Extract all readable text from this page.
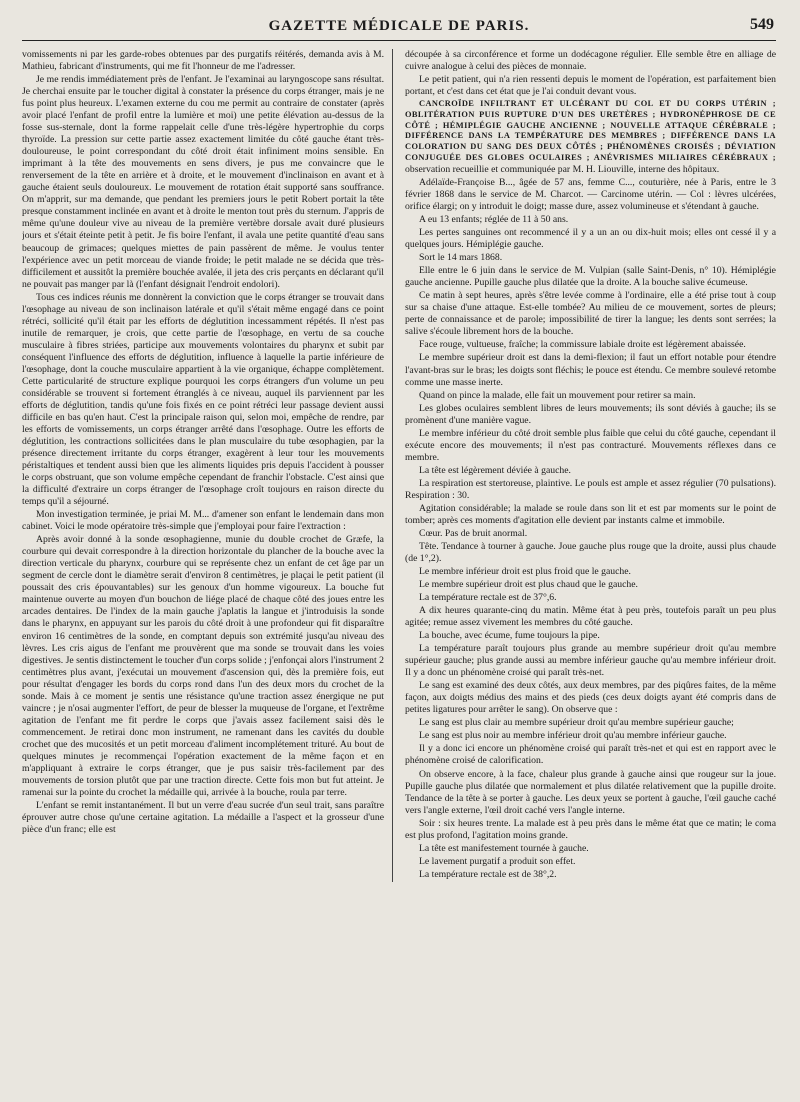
GAZETTE MÉDICALE DE PARIS.	549

vomissements ni par les garde-robes obtenues par des purgatifs réitérés, demanda avis à M. Mathieu, fabricant d'instruments, qui me fit l'honneur de me l'adresser.

Je me rendis immédiatement près de l'enfant. Je l'examinai au laryngoscope sans résultat. Je cherchai ensuite par le toucher digital à constater la présence du corps étranger, mais je ne fus point plus heureux. L'examen externe du cou me permit au contraire de constater (après avoir placé l'enfant de profil entre la lumière et moi) une petite élévation au-dessus de la fosse sus-sternale, dont la forme rappelait celle d'une très-légère hypertrophie du corps thyroïde. La pression sur cette partie assez exactement limitée du côté gauche étant très-douloureuse, le point correspondant du côté droit était infiniment moins sensible. En imprimant à la tête des mouvements en sens divers, je pus me convaincre que le renversement de la tête en arrière et à droite, et le mouvement d'inclinaison en avant et à gauche étaient seuls douloureux. Le mouvement de rotation était supporté sans souffrance. On m'apprit, sur ma demande, que pendant les premiers jours le petit Robert portait la tête presque constamment inclinée en avant et à droite le menton tout près du sternum. J'appris de même qu'une douleur vive au niveau de la première vertèbre dorsale avait duré plusieurs jours et s'était éteinte petit à petit. Je fis boire l'enfant, il avala une petite quantité d'eau sans beaucoup de grimaces; quelques miettes de pain passèrent de même. Je voulus tenter l'expérience avec un petit morceau de viande froide; le petit malade ne se décida que très-difficilement et aussitôt la première bouchée avalée, il jeta des cris perçants en déclarant qu'il ne pouvait pas manger par là (l'enfant désignait l'endroit endolori).

Tous ces indices réunis me donnèrent la conviction que le corps étranger se trouvait dans l'œsophage au niveau de son inclinaison latérale et qu'il s'était même engagé dans ce point rétréci, sollicité qu'il était par les efforts de déglutition incessamment répétés. Il n'est pas inutile de remarquer, je crois, que cette partie de l'œsophage, en vertu de sa couche musculaire à fibres striées, participe aux mouvements volontaires du pharynx et subit par conséquent l'influence des efforts de déglutition, influence à laquelle la partie inférieure de l'œsophage, dont la couche musculaire appartient à la vie organique, échappe complètement. Cette particularité de structure explique pourquoi les corps étrangers d'un volume un peu considérable se trouvent si fortement étranglés à ce niveau, auquel ils parviennent par les efforts de déglutition, tandis qu'une fois fixés en ce point rétréci leur passage devient aussi difficile en bas qu'en haut. C'est la principale raison qui, selon moi, empêche de rendre, par les efforts de vomissements, un corps étranger arrêté dans l'œsophage. Outre les efforts de déglutition, les contractions sollicitées dans le plan musculaire du tube œsophagien, par la présence directement irritante du corps étranger, exagèrent à leur tour les mouvements péristaltiques et tendent aussi bien que les aliments liquides pris depuis l'accident à pousser le corps obstruant, que son volume empêche cependant de franchir l'obstacle. C'est ainsi que la difficulté d'extraire un corps étranger de l'œsophage croît toujours en raison directe du temps qu'il a séjourné.

Mon investigation terminée, je priai M. M... d'amener son enfant le lendemain dans mon cabinet. Voici le mode opératoire très-simple que j'employai pour faire l'extraction :

Après avoir donné à la sonde œsophagienne, munie du double crochet de Græfe, la courbure qui devait correspondre à la direction horizontale du plancher de la bouche avec la direction verticale du pharynx, courbure qui se représente chez un enfant de cet âge par un segment de cercle dont le diamètre serait d'environ 8 centimètres, je plaçai le petit patient (il poussait des cris épouvantables) sur les genoux d'un homme vigoureux. La bouche fut maintenue ouverte au moyen d'un bouchon de liége placé de chaque côté des joues entre les arcades dentaires. De l'index de la main gauche j'aplatis la langue et j'introduisis la sonde dans le pharynx, en appuyant sur les parois du côté droit à une profondeur qui fit disparaître environ 16 centimètres de la sonde, en comptant depuis son extrémité jusqu'au niveau des lèvres. Les cris aigus de l'enfant me prouvèrent que ma sonde se trouvait dans les voies digestives. Je sentis distinctement le toucher d'un corps solide ; j'enfonçai alors l'instrument 2 centimètres plus avant, j'exécutai un mouvement d'ascension qui, dès la première fois, eut pour résultat d'engager les bords du corps rond dans l'un des deux mors du crochet de la sonde. Mais à ce moment je sentis une résistance qu'une traction assez énergique ne put vaincre ; je n'osai augmenter l'effort, de peur de blesser la muqueuse de l'organe, et l'extrême agitation de l'enfant me fit perdre le corps que j'avais assez facilement saisi dès le commencement. Je retirai donc mon instrument, ne ramenant dans les cavités du double crochet que des mucosités et un petit morceau d'aliment incomplétement trituré. Au bout de quelques minutes je recommençai l'opération exactement de la même façon et en m'appliquant à extraire le corps étranger, que je pus saisir très-facilement par des mouvements de torsion plutôt que par une traction directe. Cette fois mon but fut atteint. Je ramenai sur la pointe du crochet la médaille qui, arrivée à la bouche, roula par terre.

L'enfant se remit instantanément. Il but un verre d'eau sucrée d'un seul trait, sans paraître éprouver autre chose qu'une certaine agitation. La médaille a l'aspect et la grosseur d'une pièce d'un franc; elle est

découpée à sa circonférence et forme un dodécagone régulier. Elle semble être en alliage de cuivre analogue à celui des pièces de monnaie.

Le petit patient, qui n'a rien ressenti depuis le moment de l'opération, est parfaitement bien portant, et c'est dans cet état que je l'ai conduit devant vous.

CANCROÏDE INFILTRANT ET ULCÉRANT DU COL ET DU CORPS UTÉRIN ; OBLITÉRATION PUIS RUPTURE D'UN DES URETÈRES ; HYDRONÉPHROSE DE CE CÔTÉ ; HÉMIPLÉGIE GAUCHE ANCIENNE ; NOUVELLE ATTAQUE CÉRÉBRALE ; DIFFÉRENCE DANS LA TEMPÉRATURE DES MEMBRES ; DIFFÉRENCE DANS LA COLORATION DU SANG DES DEUX CÔTÉS ; PHÉNOMÈNES CROISÉS ; DÉVIATION CONJUGUÉE DES GLOBES OCULAIRES ; ANÉVRISMES MILIAIRES CÉRÉBRAUX ; observation recueillie et communiquée par M. H. Liouville, interne des hôpitaux.

Adélaïde-Françoise B..., âgée de 57 ans, femme C..., couturière, née à Paris, entre le 3 février 1868 dans le service de M. Charcot. — Carcinome utérin. — Col : lèvres ulcérées, orifice élargi; on y introduit le doigt; masse dure, assez volumineuse et s'étendant à gauche.

A eu 13 enfants; réglée de 11 à 50 ans.

Les pertes sanguines ont recommencé il y a un an ou dix-huit mois; elles ont cessé il y a quelques jours. Hémiplégie gauche.

Sort le 14 mars 1868.

Elle entre le 6 juin dans le service de M. Vulpian (salle Saint-Denis, n° 10). Hémiplégie gauche ancienne. Pupille gauche plus dilatée que la droite. A la bouche salive écumeuse.

Ce matin à sept heures, après s'être levée comme à l'ordinaire, elle a été prise tout à coup sur sa chaise d'une attaque. Est-elle tombée? Au milieu de ce mouvement, sortes de pleurs; perte de connaissance et de parole; impossibilité de tirer la langue; les dents sont serrées; la salive s'écoule librement hors de la bouche.

Face rouge, vultueuse, fraîche; la commissure labiale droite est légèrement abaissée.

Le membre supérieur droit est dans la demi-flexion; il faut un effort notable pour étendre l'avant-bras sur le bras; les doigts sont fléchis; le pouce est étendu. Ce membre soulevé retombe comme une masse inerte.

Quand on pince la malade, elle fait un mouvement pour retirer sa main.

Les globes oculaires semblent libres de leurs mouvements; ils sont déviés à gauche; ils se promènent d'une manière vague.

Le membre inférieur du côté droit semble plus faible que celui du côté gauche, cependant il exécute encore des mouvements; il n'est pas contracturé. Mouvements réflexes dans ce membre.

La tête est légèrement déviée à gauche.

La respiration est stertoreuse, plaintive. Le pouls est ample et assez régulier (70 pulsations). Respiration : 30.

Agitation considérable; la malade se roule dans son lit et est par moments sur le point de tomber; après ces moments d'agitation elle devient par instants calme et immobile.

Cœur. Pas de bruit anormal.

Tête. Tendance à tourner à gauche. Joue gauche plus rouge que la droite, aussi plus chaude (de 1°,2).

Le membre inférieur droit est plus froid que le gauche.

Le membre supérieur droit est plus chaud que le gauche.

La température rectale est de 37°,6.

A dix heures quarante-cinq du matin. Même état à peu près, toutefois paraît un peu plus agitée; remue assez vivement les membres du côté gauche.

La bouche, avec écume, fume toujours la pipe.

La température paraît toujours plus grande au membre supérieur droit qu'au membre supérieur gauche; plus grande aussi au membre inférieur gauche qu'au membre inférieur droit. Il y a donc un phénomène croisé qui paraît très-net.

Le sang est examiné des deux côtés, aux deux membres, par des piqûres faites, de la même façon, aux doigts médius des mains et des pieds (ces deux doigts ayant été compris dans de petites ligatures pour arrêter le sang). On observe que :

Le sang est plus clair au membre supérieur droit qu'au membre supérieur gauche;

Le sang est plus noir au membre inférieur droit qu'au membre inférieur gauche.

Il y a donc ici encore un phénomène croisé qui paraît très-net et qui est en rapport avec le phénomène croisé de calorification.

On observe encore, à la face, chaleur plus grande à gauche ainsi que rougeur sur la joue. Pupille gauche plus dilatée que normalement et plus dilatée relativement que la pupille droite. Tendance de la tête à se porter à gauche. Les deux yeux se portent à gauche, l'œil gauche caché vers l'angle externe, l'œil droit caché vers l'angle interne.

Soir : six heures trente. La malade est à peu près dans le même état que ce matin; le coma est plus profond, l'agitation moins grande.

La tête est manifestement tournée à gauche.

Le lavement purgatif a produit son effet.

La température rectale est de 38°,2.
